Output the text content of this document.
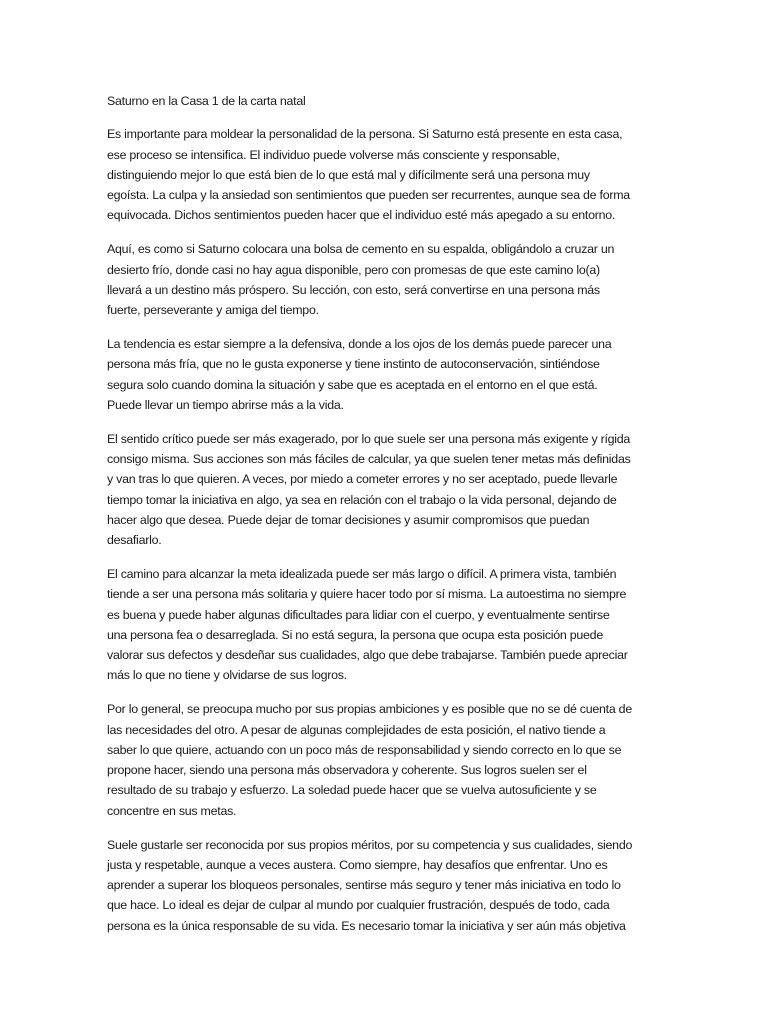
Saturno en la Casa 1 de la carta natal

Es importante para moldear la personalidad de la persona. Si Saturno está presente en esta casa,
ese proceso se intensifica. El individuo puede volverse más consciente y responsable,
distinguiendo mejor lo que está bien de lo que está mal y difícilmente será una persona muy
egoísta. La culpa y la ansiedad son sentimientos que pueden ser recurrentes, aunque sea de forma
equivocada. Dichos sentimientos pueden hacer que el individuo esté más apegado a su entorno.

Aquí, es como si Saturno colocara una bolsa de cemento en su espalda, obligándolo a cruzar un
desierto frío, donde casi no hay agua disponible, pero con promesas de que este camino lo(a)
llevará a un destino más próspero. Su lección, con esto, será convertirse en una persona más
fuerte, perseverante y amiga del tiempo.

La tendencia es estar siempre a la defensiva, donde a los ojos de los demás puede parecer una
persona más fría, que no le gusta exponerse y tiene instinto de autoconservación, sintiéndose
segura solo cuando domina la situación y sabe que es aceptada en el entorno en el que está.
Puede llevar un tiempo abrirse más a la vida.

El sentido crítico puede ser más exagerado, por lo que suele ser una persona más exigente y rígida
consigo misma. Sus acciones son más fáciles de calcular, ya que suelen tener metas más definidas
y van tras lo que quieren. A veces, por miedo a cometer errores y no ser aceptado, puede llevarle
tiempo tomar la iniciativa en algo, ya sea en relación con el trabajo o la vida personal, dejando de
hacer algo que desea. Puede dejar de tomar decisiones y asumir compromisos que puedan
desafiarlo.

El camino para alcanzar la meta idealizada puede ser más largo o difícil. A primera vista, también
tiende a ser una persona más solitaria y quiere hacer todo por sí misma. La autoestima no siempre
es buena y puede haber algunas dificultades para lidiar con el cuerpo, y eventualmente sentirse
una persona fea o desarreglada. Si no está segura, la persona que ocupa esta posición puede
valorar sus defectos y desdeñar sus cualidades, algo que debe trabajarse. También puede apreciar
más lo que no tiene y olvidarse de sus logros.

Por lo general, se preocupa mucho por sus propias ambiciones y es posible que no se dé cuenta de
las necesidades del otro. A pesar de algunas complejidades de esta posición, el nativo tiende a
saber lo que quiere, actuando con un poco más de responsabilidad y siendo correcto en lo que se
propone hacer, siendo una persona más observadora y coherente. Sus logros suelen ser el
resultado de su trabajo y esfuerzo. La soledad puede hacer que se vuelva autosuficiente y se
concentre en sus metas.

Suele gustarle ser reconocida por sus propios méritos, por su competencia y sus cualidades, siendo
justa y respetable, aunque a veces austera. Como siempre, hay desafíos que enfrentar. Uno es
aprender a superar los bloqueos personales, sentirse más seguro y tener más iniciativa en todo lo
que hace. Lo ideal es dejar de culpar al mundo por cualquier frustración, después de todo, cada
persona es la única responsable de su vida. Es necesario tomar la iniciativa y ser aún más objetiva
